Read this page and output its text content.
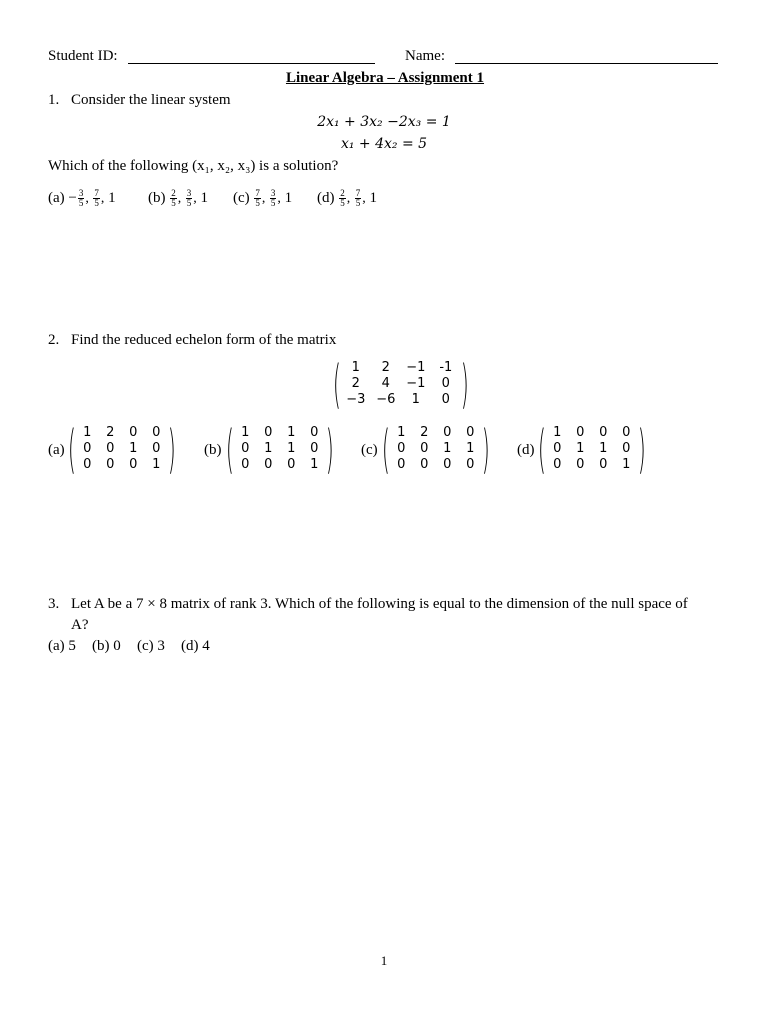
Student ID:	Name:
Linear Algebra – Assignment 1
1. Consider the linear system
2x₁ + 3x₂ −2x₃ = 1
x₁ + 4x₂ = 5
Which of the following (x₁, x₂, x₃) is a solution?
$(a) - \frac{3}{5}$ , $\frac{7}{5}$ , 1 $(b) \frac{2}{5}$ , $\frac{3}{5}$ , 1 $(c) \frac{7}{5}$ , $\frac{3}{5}$ , 1 $(d) \frac{2}{5}$ , $\frac{7}{5}$ , 1
2. Find the reduced echelon form of the matrix
( 1	2	−1	-1
2	4	−1	0
−3	−6	1	0 )
(a) ( 1	2	0	0
0	0	1	0
0	0	0	1 ) (b) ( 1	0	1	0
0	1	1	0
0	0	0	1 ) (c) ( 1	2	0	0
0	0	1	1
0	0	0	0 ) (d) ( 1	0	0	0
0	1	1	0
0	0	0	1 )
3. Let A be a 7 × 8 matrix of rank 3. Which of the following is equal to the dimension of the null space of
A?
(a) 5 (b) 0 (c) 3 (d) 4
1
